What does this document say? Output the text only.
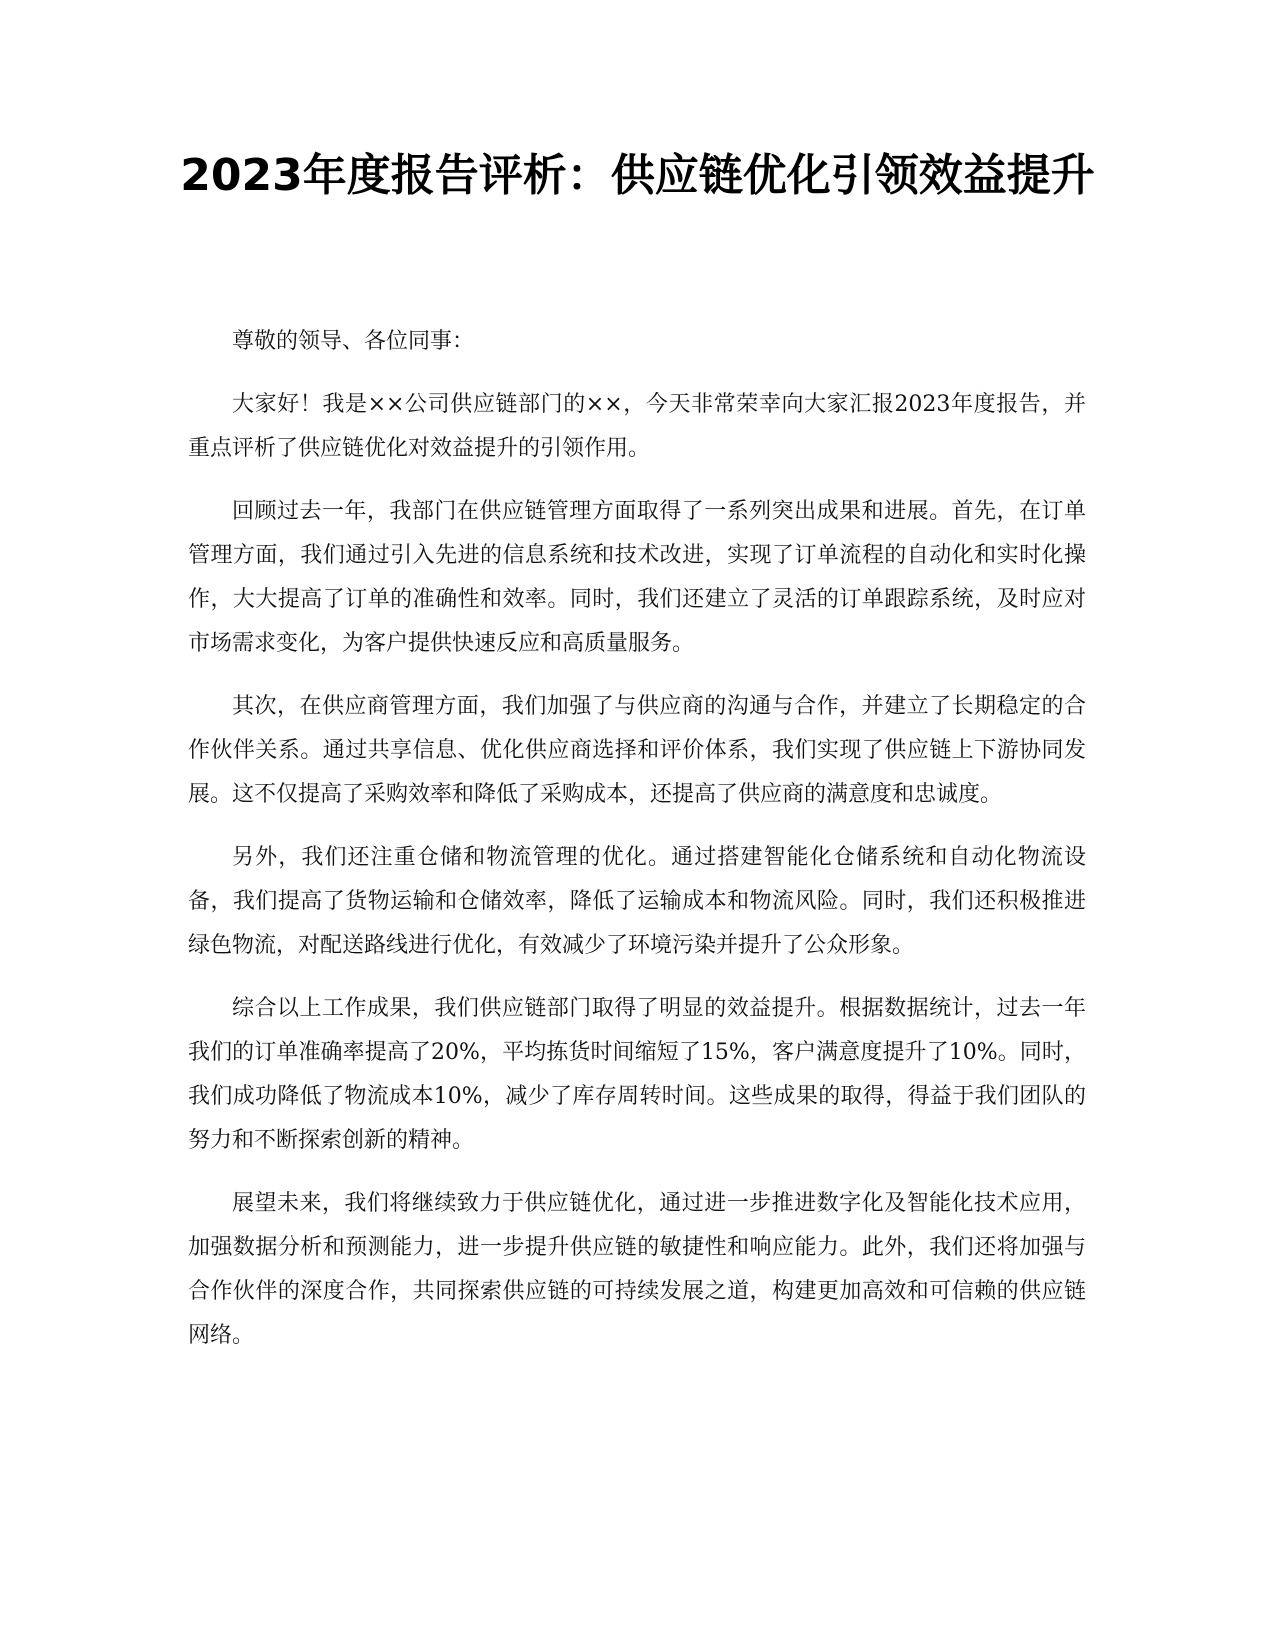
2023年度报告评析：供应链优化引领效益提升

尊敬的领导、各位同事：

大家好！我是××公司供应链部门的××，今天非常荣幸向大家汇报2023年度报告，并重点评析了供应链优化对效益提升的引领作用。

回顾过去一年，我部门在供应链管理方面取得了一系列突出成果和进展。首先，在订单管理方面，我们通过引入先进的信息系统和技术改进，实现了订单流程的自动化和实时化操作，大大提高了订单的准确性和效率。同时，我们还建立了灵活的订单跟踪系统，及时应对市场需求变化，为客户提供快速反应和高质量服务。

其次，在供应商管理方面，我们加强了与供应商的沟通与合作，并建立了长期稳定的合作伙伴关系。通过共享信息、优化供应商选择和评价体系，我们实现了供应链上下游协同发展。这不仅提高了采购效率和降低了采购成本，还提高了供应商的满意度和忠诚度。

另外，我们还注重仓储和物流管理的优化。通过搭建智能化仓储系统和自动化物流设备，我们提高了货物运输和仓储效率，降低了运输成本和物流风险。同时，我们还积极推进绿色物流，对配送路线进行优化，有效减少了环境污染并提升了公众形象。

综合以上工作成果，我们供应链部门取得了明显的效益提升。根据数据统计，过去一年我们的订单准确率提高了20%，平均拣货时间缩短了15%，客户满意度提升了10%。同时，我们成功降低了物流成本10%，减少了库存周转时间。这些成果的取得，得益于我们团队的努力和不断探索创新的精神。

展望未来，我们将继续致力于供应链优化，通过进一步推进数字化及智能化技术应用，加强数据分析和预测能力，进一步提升供应链的敏捷性和响应能力。此外，我们还将加强与合作伙伴的深度合作，共同探索供应链的可持续发展之道，构建更加高效和可信赖的供应链网络。
